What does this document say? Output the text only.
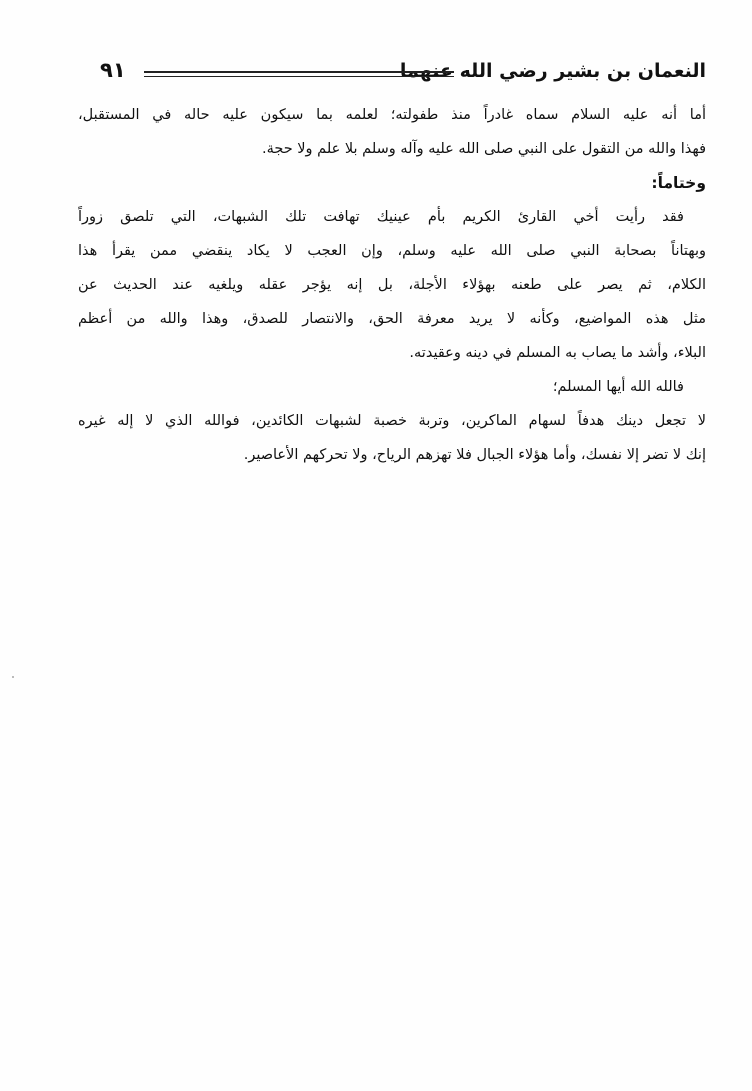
النعمان بن بشير رضي الله عنهما
٩١
أما أنه عليه السلام سماه غادراً منذ طفولته؛ لعلمه بما سيكون عليه حاله في المستقبل،
فهذا والله من التقول على النبي صلى الله عليه وآله وسلم بلا علم ولا حجة.
وختاماً:
فقد رأيت أخي القارئ الكريم بأم عينيك تهافت تلك الشبهات، التي تلصق زوراً
وبهتاناً بصحابة النبي صلى الله عليه وسلم، وإن العجب لا يكاد ينقضي ممن يقرأ هذا
الكلام، ثم يصر على طعنه بهؤلاء الأجلة، بل إنه يؤجر عقله ويلغيه عند الحديث عن
مثل هذه المواضيع، وكأنه لا يريد معرفة الحق، والانتصار للصدق، وهذا والله من أعظم
البلاء، وأشد ما يصاب به المسلم في دينه وعقيدته.
فالله الله أيها المسلم؛
لا تجعل دينك هدفاً لسهام الماكرين، وتربة خصبة لشبهات الكائدين، فوالله الذي لا إله غيره
إنك لا تضر إلا نفسك، وأما هؤلاء الجبال فلا تهزهم الرياح، ولا تحركهم الأعاصير.
